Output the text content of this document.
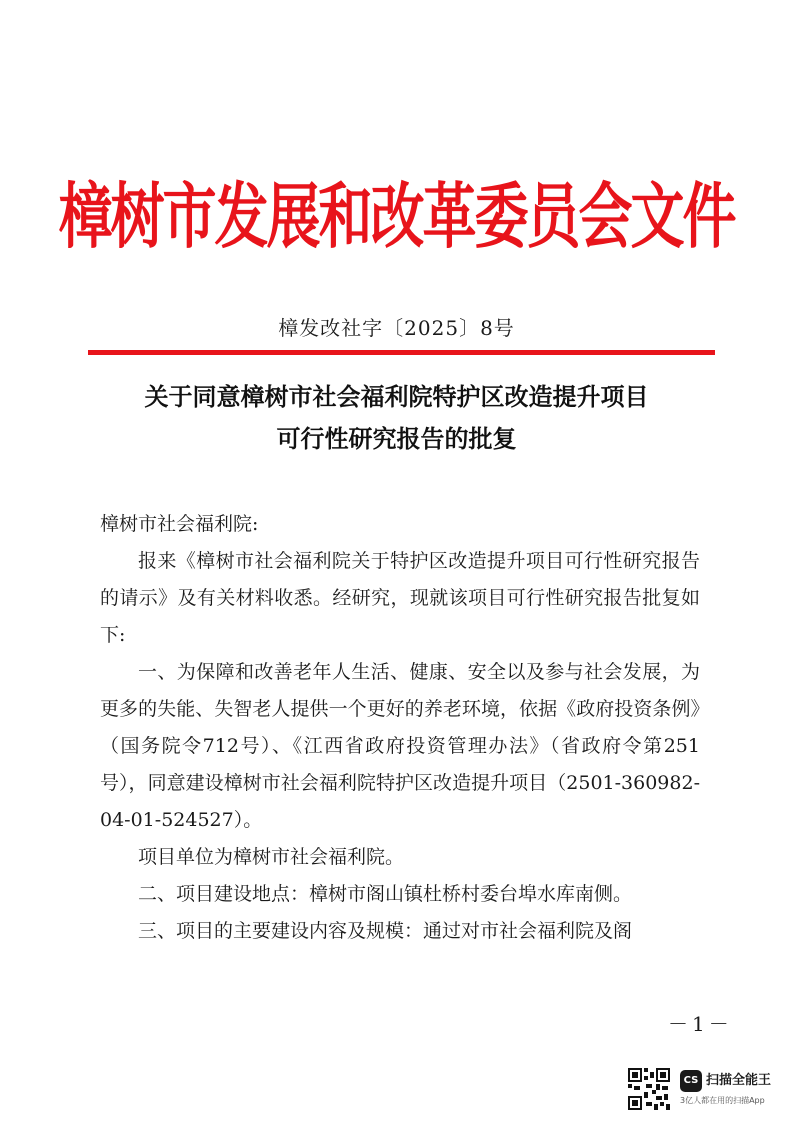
樟树市发展和改革委员会文件
樟发改社字〔2025〕8号
关于同意樟树市社会福利院特护区改造提升项目
可行性研究报告的批复

樟树市社会福利院:

报来《樟树市社会福利院关于特护区改造提升项目可行性研究报告的请示》及有关材料收悉。经研究，现就该项目可行性研究报告批复如下:

一、为保障和改善老年人生活、健康、安全以及参与社会发展，为更多的失能、失智老人提供一个更好的养老环境，依据《政府投资条例》（国务院令712号）、《江西省政府投资管理办法》（省政府令第251号），同意建设樟树市社会福利院特护区改造提升项目（2501-360982-04-01-524527）。

项目单位为樟树市社会福利院。

二、项目建设地点：樟树市阁山镇杜桥村委台埠水库南侧。

三、项目的主要建设内容及规模：通过对市社会福利院及阁

－1－
CS 扫描全能王
3亿人都在用的扫描App
